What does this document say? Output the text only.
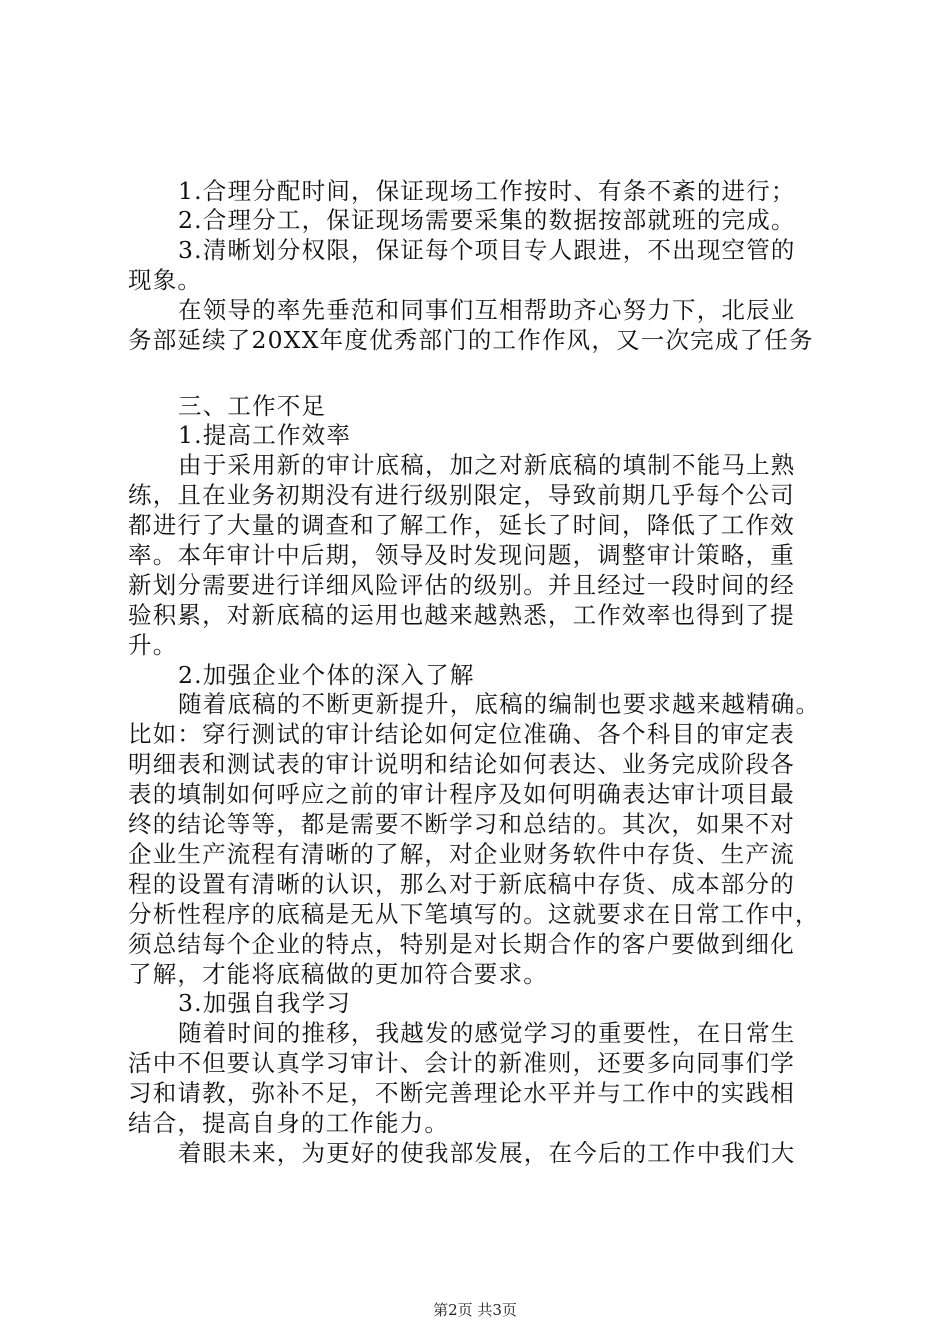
1.合理分配时间，保证现场工作按时、有条不紊的进行；
2.合理分工，保证现场需要采集的数据按部就班的完成。
3.清晰划分权限，保证每个项目专人跟进，不出现空管的
现象。
在领导的率先垂范和同事们互相帮助齐心努力下，北辰业
务部延续了20XX年度优秀部门的工作作风，又一次完成了任务
三、工作不足
1.提高工作效率
由于采用新的审计底稿，加之对新底稿的填制不能马上熟
练，且在业务初期没有进行级别限定，导致前期几乎每个公司
都进行了大量的调查和了解工作，延长了时间，降低了工作效
率。本年审计中后期，领导及时发现问题，调整审计策略，重
新划分需要进行详细风险评估的级别。并且经过一段时间的经
验积累，对新底稿的运用也越来越熟悉，工作效率也得到了提
升。
2.加强企业个体的深入了解
随着底稿的不断更新提升，底稿的编制也要求越来越精确。
比如：穿行测试的审计结论如何定位准确、各个科目的审定表
明细表和测试表的审计说明和结论如何表达、业务完成阶段各
表的填制如何呼应之前的审计程序及如何明确表达审计项目最
终的结论等等，都是需要不断学习和总结的。其次，如果不对
企业生产流程有清晰的了解，对企业财务软件中存货、生产流
程的设置有清晰的认识，那么对于新底稿中存货、成本部分的
分析性程序的底稿是无从下笔填写的。这就要求在日常工作中，
须总结每个企业的特点，特别是对长期合作的客户要做到细化
了解，才能将底稿做的更加符合要求。
3.加强自我学习
随着时间的推移，我越发的感觉学习的重要性，在日常生
活中不但要认真学习审计、会计的新准则，还要多向同事们学
习和请教，弥补不足，不断完善理论水平并与工作中的实践相
结合，提高自身的工作能力。
着眼未来，为更好的使我部发展，在今后的工作中我们大
第2页 共3页
